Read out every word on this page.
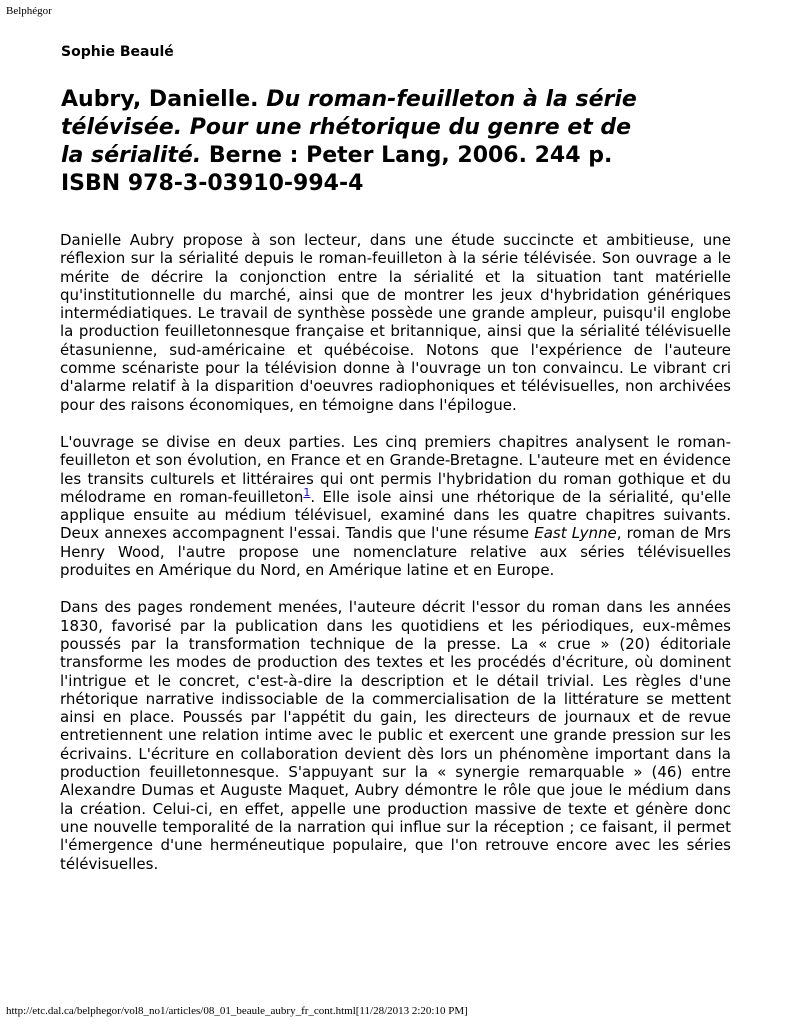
Belphégor
Sophie Beaulé
Aubry, Danielle. Du roman-feuilleton à la série télévisée. Pour une rhétorique du genre et de la sérialité. Berne : Peter Lang, 2006. 244 p. ISBN 978-3-03910-994-4

Danielle Aubry propose à son lecteur, dans une étude succincte et ambitieuse, une réflexion sur la sérialité depuis le roman-feuilleton à la série télévisée. Son ouvrage a le mérite de décrire la conjonction entre la sérialité et la situation tant matérielle qu'institutionnelle du marché, ainsi que de montrer les jeux d'hybridation génériques intermédiatiques. Le travail de synthèse possède une grande ampleur, puisqu'il englobe la production feuilletonnesque française et britannique, ainsi que la sérialité télévisuelle étasunienne, sud-américaine et québécoise. Notons que l'expérience de l'auteure comme scénariste pour la télévision donne à l'ouvrage un ton convaincu. Le vibrant cri d'alarme relatif à la disparition d'oeuvres radiophoniques et télévisuelles, non archivées pour des raisons économiques, en témoigne dans l'épilogue.

L'ouvrage se divise en deux parties. Les cinq premiers chapitres analysent le roman-feuilleton et son évolution, en France et en Grande-Bretagne. L'auteure met en évidence les transits culturels et littéraires qui ont permis l'hybridation du roman gothique et du mélodrame en roman-feuilleton$^1$. Elle isole ainsi une rhétorique de la sérialité, qu'elle applique ensuite au médium télévisuel, examiné dans les quatre chapitres suivants. Deux annexes accompagnent l'essai. Tandis que l'une résume East Lynne, roman de Mrs Henry Wood, l'autre propose une nomenclature relative aux séries télévisuelles produites en Amérique du Nord, en Amérique latine et en Europe.

Dans des pages rondement menées, l'auteure décrit l'essor du roman dans les années 1830, favorisé par la publication dans les quotidiens et les périodiques, eux-mêmes poussés par la transformation technique de la presse. La « crue » (20) éditoriale transforme les modes de production des textes et les procédés d'écriture, où dominent l'intrigue et le concret, c'est-à-dire la description et le détail trivial. Les règles d'une rhétorique narrative indissociable de la commercialisation de la littérature se mettent ainsi en place. Poussés par l'appétit du gain, les directeurs de journaux et de revue entretiennent une relation intime avec le public et exercent une grande pression sur les écrivains. L'écriture en collaboration devient dès lors un phénomène important dans la production feuilletonnesque. S'appuyant sur la « synergie remarquable » (46) entre Alexandre Dumas et Auguste Maquet, Aubry démontre le rôle que joue le médium dans la création. Celui-ci, en effet, appelle une production massive de texte et génère donc une nouvelle temporalité de la narration qui influe sur la réception ; ce faisant, il permet l'émergence d'une herméneutique populaire, que l'on retrouve encore avec les séries télévisuelles.

http://etc.dal.ca/belphegor/vol8_no1/articles/08_01_beaule_aubry_fr_cont.html[11/28/2013 2:20:10 PM]
